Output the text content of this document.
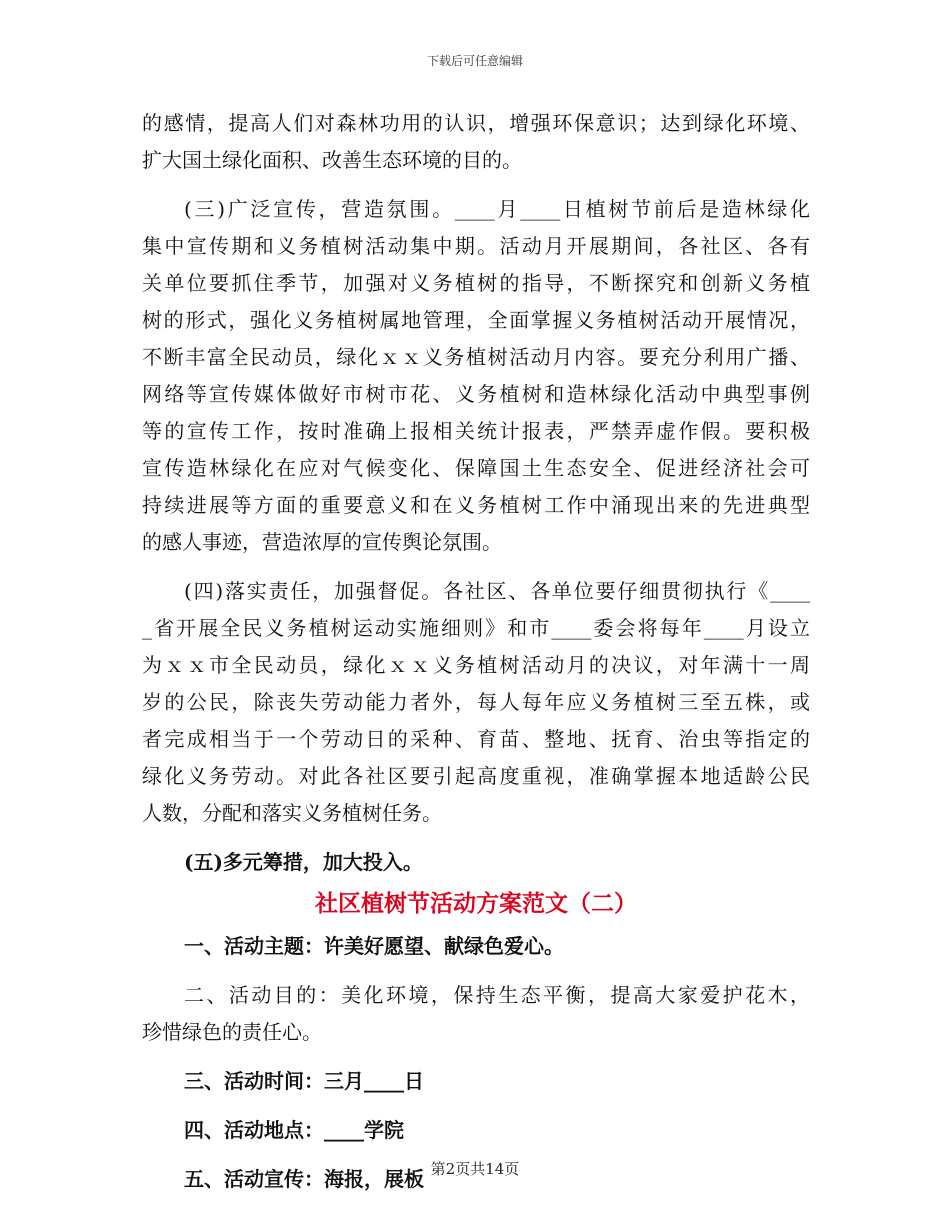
下载后可任意编辑
的感情，提高人们对森林功用的认识，增强环保意识；达到绿化环境、
扩大国土绿化面积、改善生态环境的目的。
(三)广泛宣传，营造氛围。____月____日植树节前后是造林绿化
集中宣传期和义务植树活动集中期。活动月开展期间，各社区、各有
关单位要抓住季节，加强对义务植树的指导，不断探究和创新义务植
树的形式，强化义务植树属地管理，全面掌握义务植树活动开展情况，
不断丰富全民动员，绿化ｘｘ义务植树活动月内容。要充分利用广播、
网络等宣传媒体做好市树市花、义务植树和造林绿化活动中典型事例
等的宣传工作，按时准确上报相关统计报表，严禁弄虚作假。要积极
宣传造林绿化在应对气候变化、保障国土生态安全、促进经济社会可
持续进展等方面的重要意义和在义务植树工作中涌现出来的先进典型
的感人事迹，营造浓厚的宣传舆论氛围。
(四)落实责任，加强督促。各社区、各单位要仔细贯彻执行《____
_省开展全民义务植树运动实施细则》和市____委会将每年____月设立
为ｘｘ市全民动员，绿化ｘｘ义务植树活动月的决议，对年满十一周
岁的公民，除丧失劳动能力者外，每人每年应义务植树三至五株，或
者完成相当于一个劳动日的采种、育苗、整地、抚育、治虫等指定的
绿化义务劳动。对此各社区要引起高度重视，准确掌握本地适龄公民
人数，分配和落实义务植树任务。
(五)多元筹措，加大投入。
社区植树节活动方案范文（二）
一、活动主题：许美好愿望、献绿色爱心。
二、活动目的：美化环境，保持生态平衡，提高大家爱护花木，
珍惜绿色的责任心。
三、活动时间：三月____日
四、活动地点：____学院
五、活动宣传：海报，展板 第2页共14页
